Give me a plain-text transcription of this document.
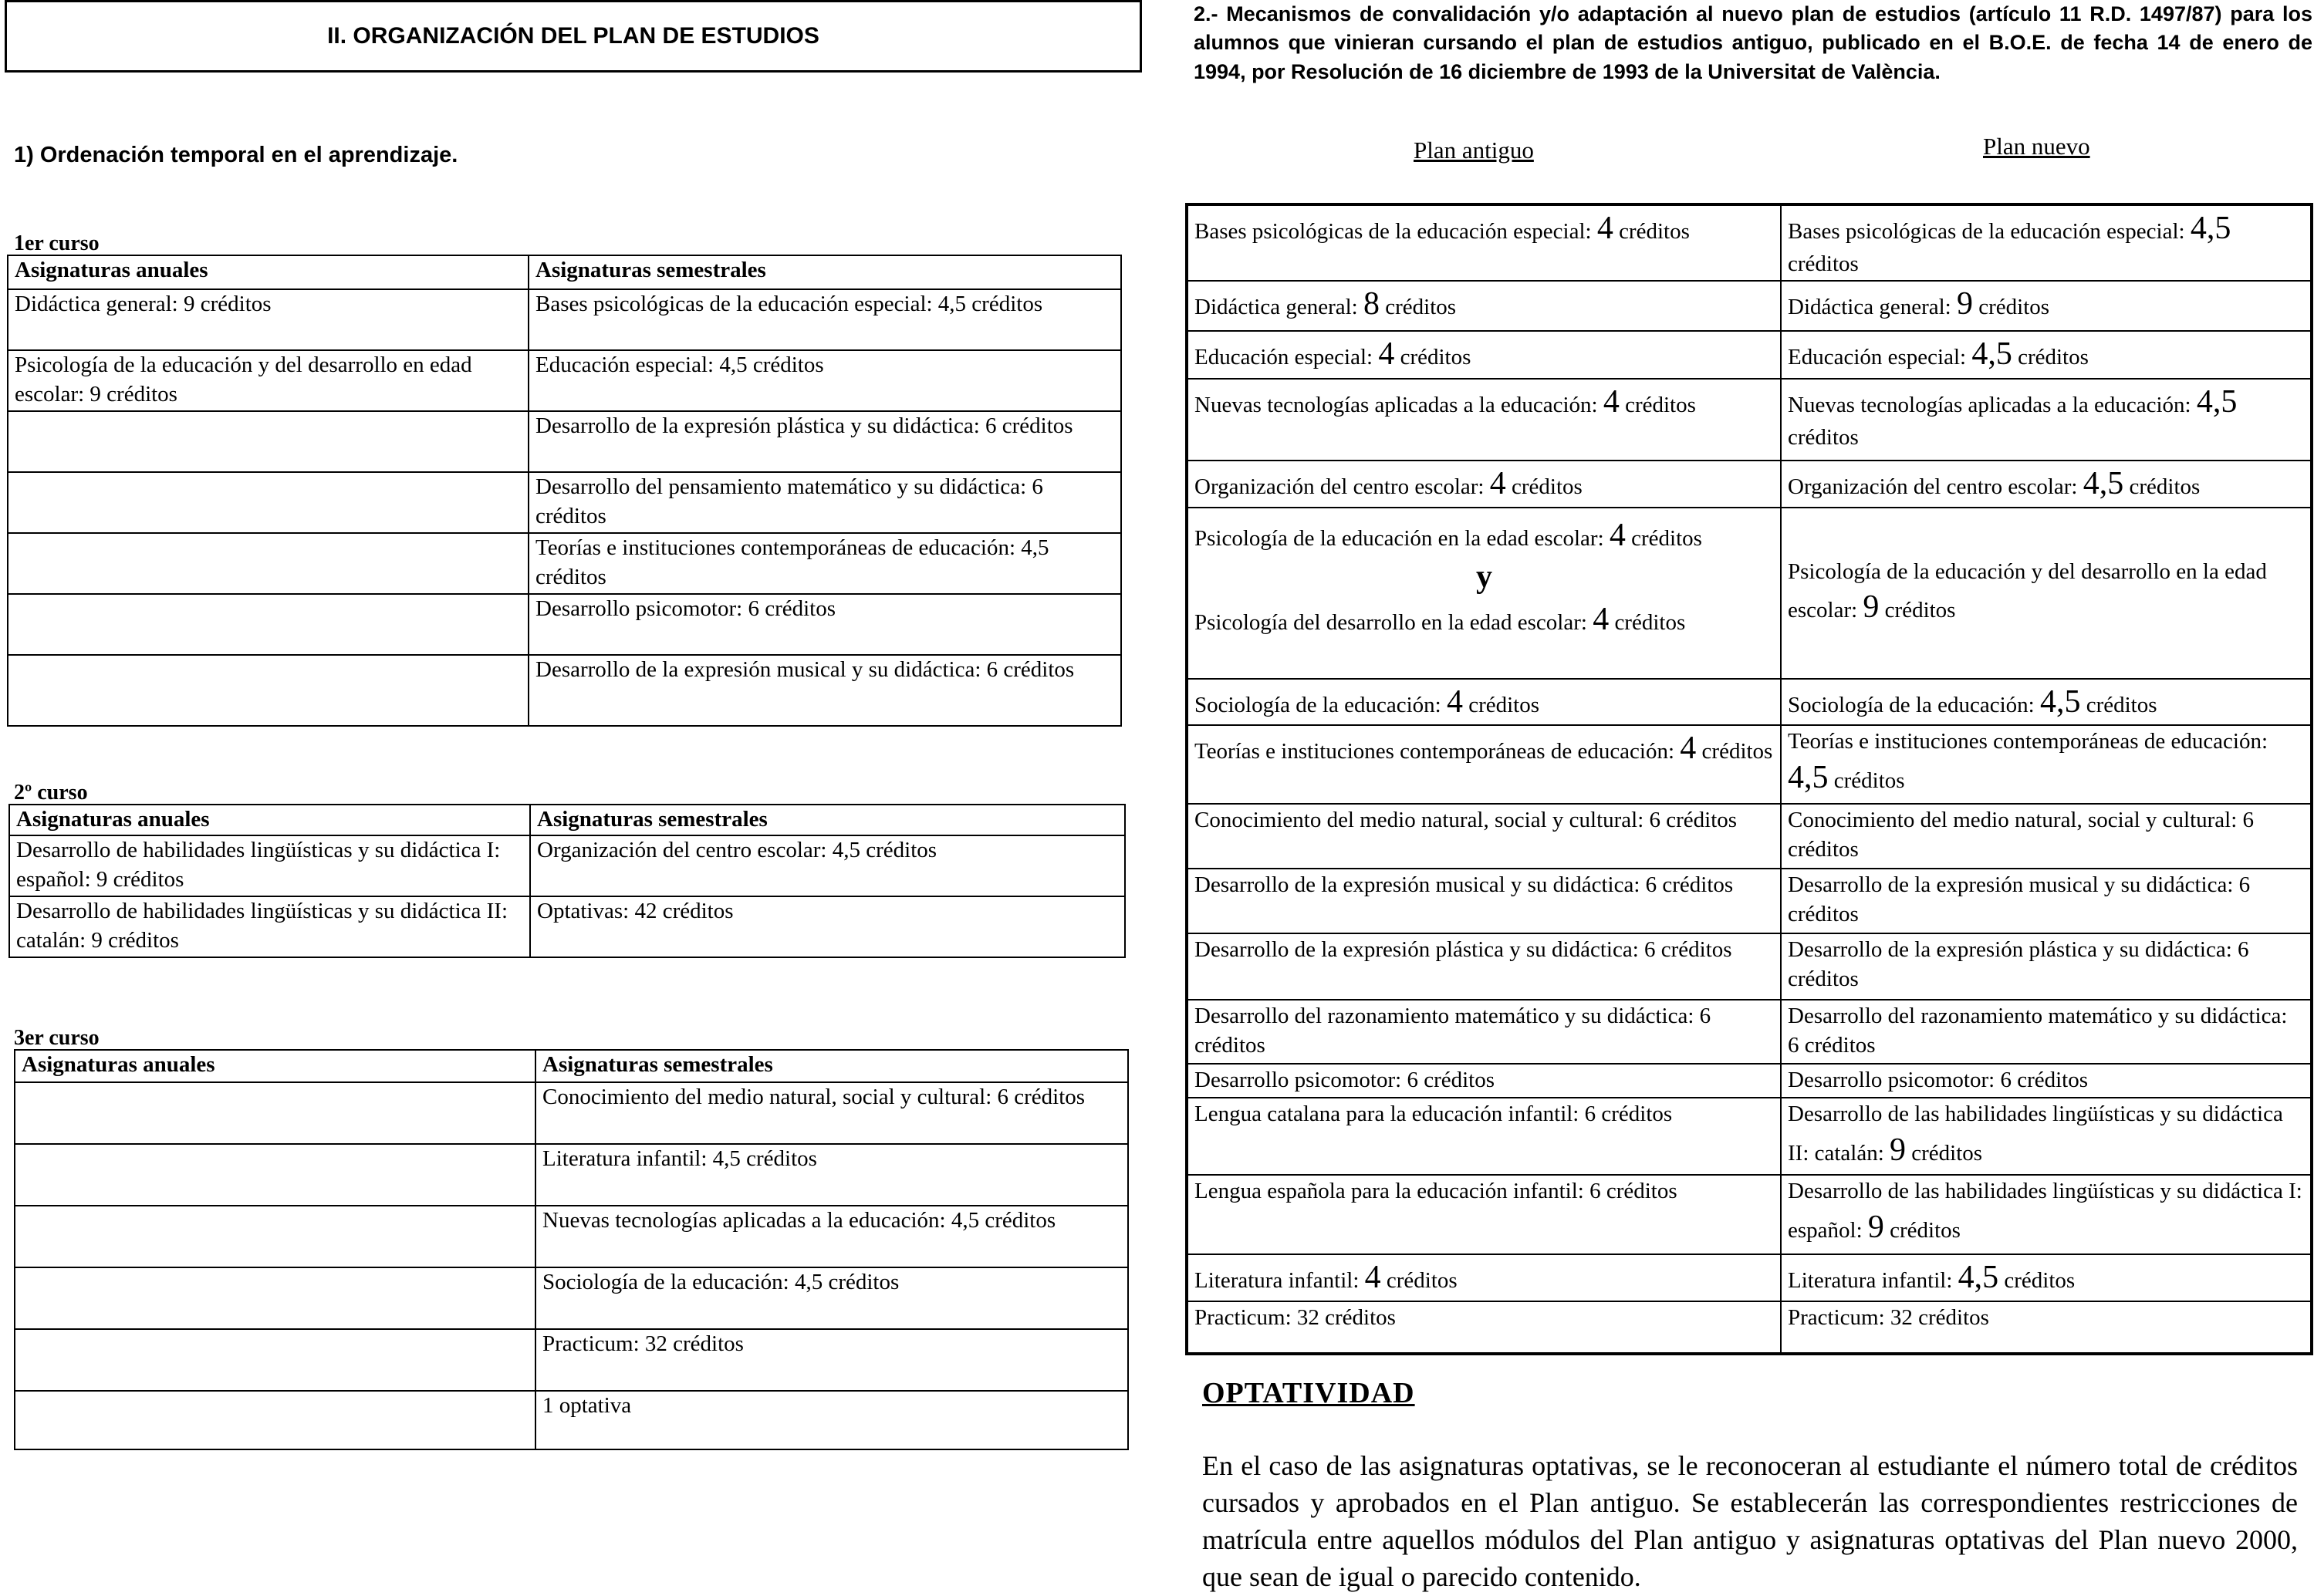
II. ORGANIZACIÓN DEL PLAN DE ESTUDIOS
1) Ordenación temporal en el aprendizaje.
1er curso
Asignaturas anuales	Asignaturas semestrales
Didáctica general: 9 créditos	Bases psicológicas de la educación especial: 4,5 créditos
Psicología de la educación y del desarrollo en edad escolar: 9 créditos	Educación especial: 4,5 créditos
	Desarrollo de la expresión plástica y su didáctica: 6 créditos
	Desarrollo del pensamiento matemático y su didáctica: 6 créditos
	Teorías e instituciones contemporáneas de educación: 4,5 créditos
	Desarrollo psicomotor: 6 créditos
	Desarrollo de la expresión musical y su didáctica: 6 créditos
2º curso
Asignaturas anuales	Asignaturas semestrales
Desarrollo de habilidades lingüísticas y su didáctica I: español: 9 créditos	Organización del centro escolar: 4,5 créditos
Desarrollo de habilidades lingüísticas y su didáctica II: catalán: 9 créditos	Optativas: 42 créditos
3er curso
Asignaturas anuales	Asignaturas semestrales
	Conocimiento del medio natural, social y cultural: 6 créditos
	Literatura infantil: 4,5 créditos
	Nuevas tecnologías aplicadas a la educación: 4,5 créditos
	Sociología de la educación: 4,5 créditos
	Practicum: 32 créditos
	1 optativa
2.- Mecanismos de convalidación y/o adaptación al nuevo plan de estudios (artículo 11 R.D. 1497/87) para los alumnos que vinieran cursando el plan de estudios antiguo, publicado en el B.O.E. de fecha 14 de enero de 1994, por Resolución de 16 diciembre de 1993 de la Universitat de València.
Plan antiguo	Plan nuevo
Bases psicológicas de la educación especial: 4 créditos	Bases psicológicas de la educación especial: 4,5 créditos
Didáctica general: 8 créditos	Didáctica general: 9 créditos
Educación especial: 4 créditos	Educación especial: 4,5 créditos
Nuevas tecnologías aplicadas a la educación: 4 créditos	Nuevas tecnologías aplicadas a la educación: 4,5 créditos
Organización del centro escolar: 4 créditos	Organización del centro escolar: 4,5 créditos

Psicología de la educación en la edad escolar: 4 créditos
y
Psicología del desarrollo en la edad escolar: 4 créditos	Psicología de la educación y del desarrollo en la edad escolar: 9 créditos
Sociología de la educación: 4 créditos	Sociología de la educación: 4,5 créditos
Teorías e instituciones contemporáneas de educación: 4 créditos	Teorías e instituciones contemporáneas de educación: 4,5 créditos
Conocimiento del medio natural, social y cultural: 6 créditos	Conocimiento del medio natural, social y cultural: 6 créditos
Desarrollo de la expresión musical y su didáctica: 6 créditos	Desarrollo de la expresión musical y su didáctica: 6 créditos
Desarrollo de la expresión plástica y su didáctica: 6 créditos	Desarrollo de la expresión plástica y su didáctica: 6 créditos
Desarrollo del razonamiento matemático y su didáctica: 6 créditos	Desarrollo del razonamiento matemático y su didáctica: 6 créditos
Desarrollo psicomotor: 6 créditos	Desarrollo psicomotor: 6 créditos
Lengua catalana para la educación infantil: 6 créditos	Desarrollo de las habilidades lingüísticas y su didáctica II: catalán: 9 créditos
Lengua española para la educación infantil: 6 créditos	Desarrollo de las habilidades lingüísticas y su didáctica I: español: 9 créditos
Literatura infantil: 4 créditos	Literatura infantil: 4,5 créditos
Practicum: 32 créditos	Practicum: 32 créditos
OPTATIVIDAD
En el caso de las asignaturas optativas, se le reconoceran al estudiante el número total de créditos cursados y aprobados en el Plan antiguo. Se establecerán las correspondientes restricciones de matrícula entre aquellos módulos del Plan antiguo y asignaturas optativas del Plan nuevo 2000, que sean de igual o parecido contenido.
